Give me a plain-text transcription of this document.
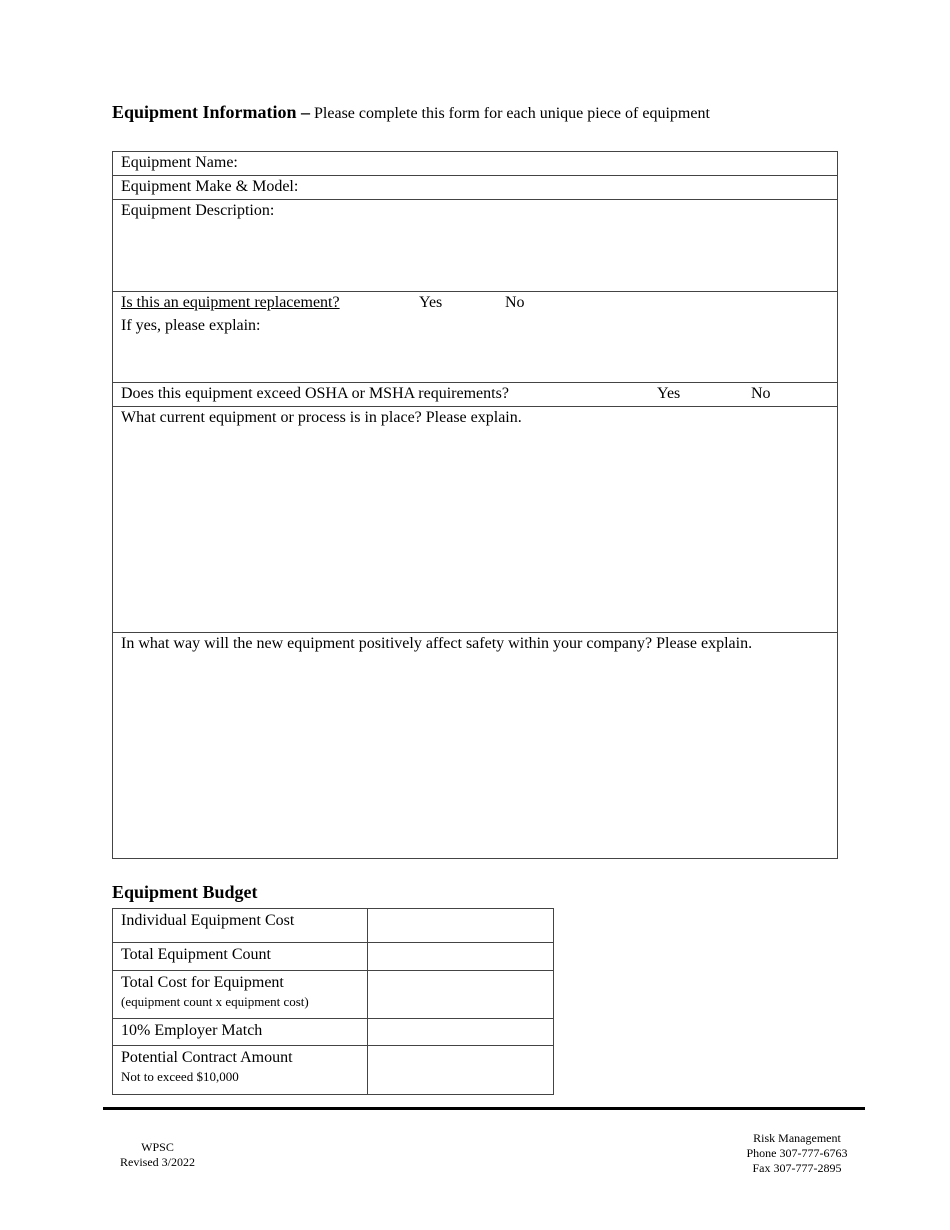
Equipment Information – Please complete this form for each unique piece of equipment
Equipment Name:
Equipment Make & Model:
Equipment Description:
Is this an equipment replacement?	Yes	No
If yes, please explain:
Does this equipment exceed OSHA or MSHA requirements?	Yes	No
What current equipment or process is in place? Please explain.
In what way will the new equipment positively affect safety within your company? Please explain.
Equipment Budget
Individual Equipment Cost	
Total Equipment Count	
Total Cost for Equipment
(equipment count x equipment cost)	

10% Employer Match	
Potential Contract Amount
Not to exceed $10,000	

WPSC
Revised 3/2022
Risk Management
Phone 307-777-6763
Fax 307-777-2895
